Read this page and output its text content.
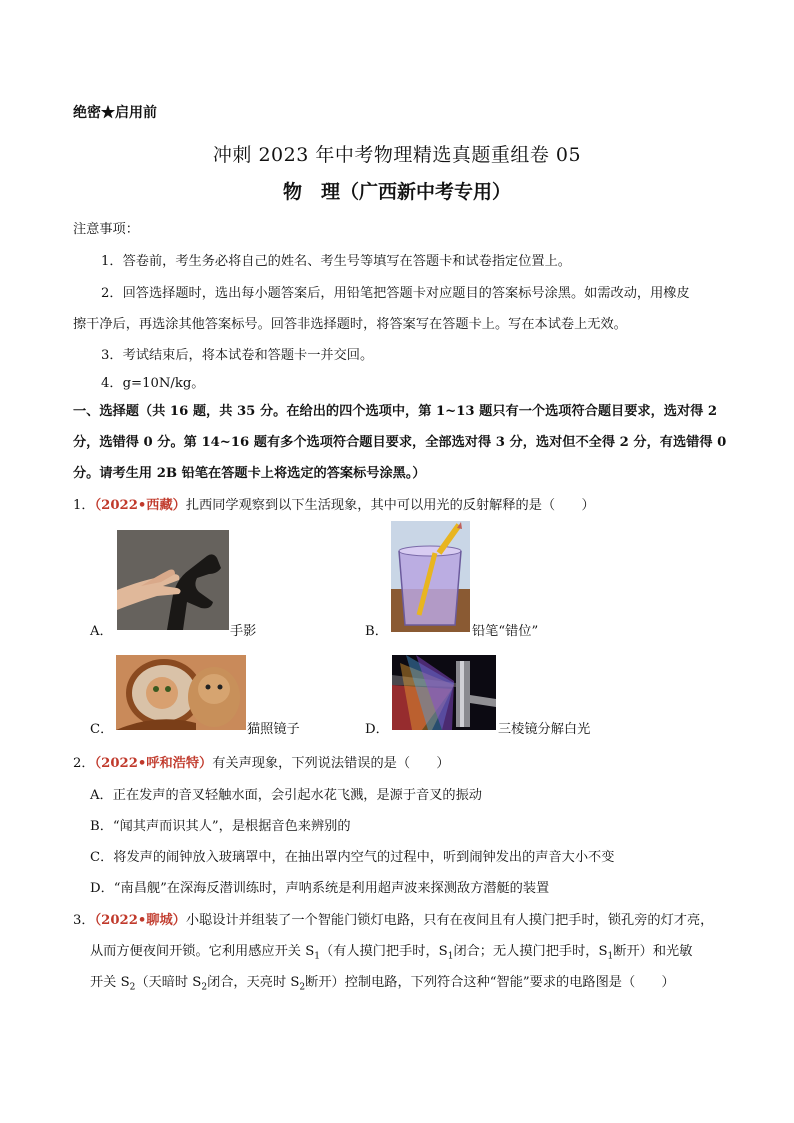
绝密★启用前
冲刺 2023 年中考物理精选真题重组卷 05
物　理（广西新中考专用）
注意事项：
1．答卷前，考生务必将自己的姓名、考生号等填写在答题卡和试卷指定位置上。
2．回答选择题时，选出每小题答案后，用铅笔把答题卡对应题目的答案标号涂黑。如需改动，用橡皮
擦干净后，再选涂其他答案标号。回答非选择题时，将答案写在答题卡上。写在本试卷上无效。
3．考试结束后，将本试卷和答题卡一并交回。
4．g=10N/kg。
一、选择题（共 16 题，共 35 分。在给出的四个选项中，第 1~13 题只有一个选项符合题目要求，选对得 2
分，选错得 0 分。第 14~16 题有多个选项符合题目要求，全部选对得 3 分，选对但不全得 2 分，有选错得 0
分。请考生用 2B 铅笔在答题卡上将选定的答案标号涂黑。）
1．（2022•西藏）扎西同学观察到以下生活现象，其中可以用光的反射解释的是（　　）
A．	手影	B．	铅笔“错位”
C．	猫照镜子	D．	三棱镜分解白光
2．（2022•呼和浩特）有关声现象，下列说法错误的是（　　）
A．正在发声的音叉轻触水面，会引起水花飞溅，是源于音叉的振动
B．“闻其声而识其人”，是根据音色来辨别的
C．将发声的闹钟放入玻璃罩中，在抽出罩内空气的过程中，听到闹钟发出的声音大小不变
D．“南昌舰”在深海反潜训练时，声呐系统是利用超声波来探测敌方潜艇的装置
3．（2022•聊城）小聪设计并组装了一个智能门锁灯电路，只有在夜间且有人摸门把手时，锁孔旁的灯才亮，
从而方便夜间开锁。它利用感应开关 $S_1$（有人摸门把手时，$S_1$闭合；无人摸门把手时，$S_1$断开）和光敏
开关 $S_2$（天暗时 $S_2$闭合，天亮时 $S_2$断开）控制电路，下列符合这种“智能”要求的电路图是（　　）
